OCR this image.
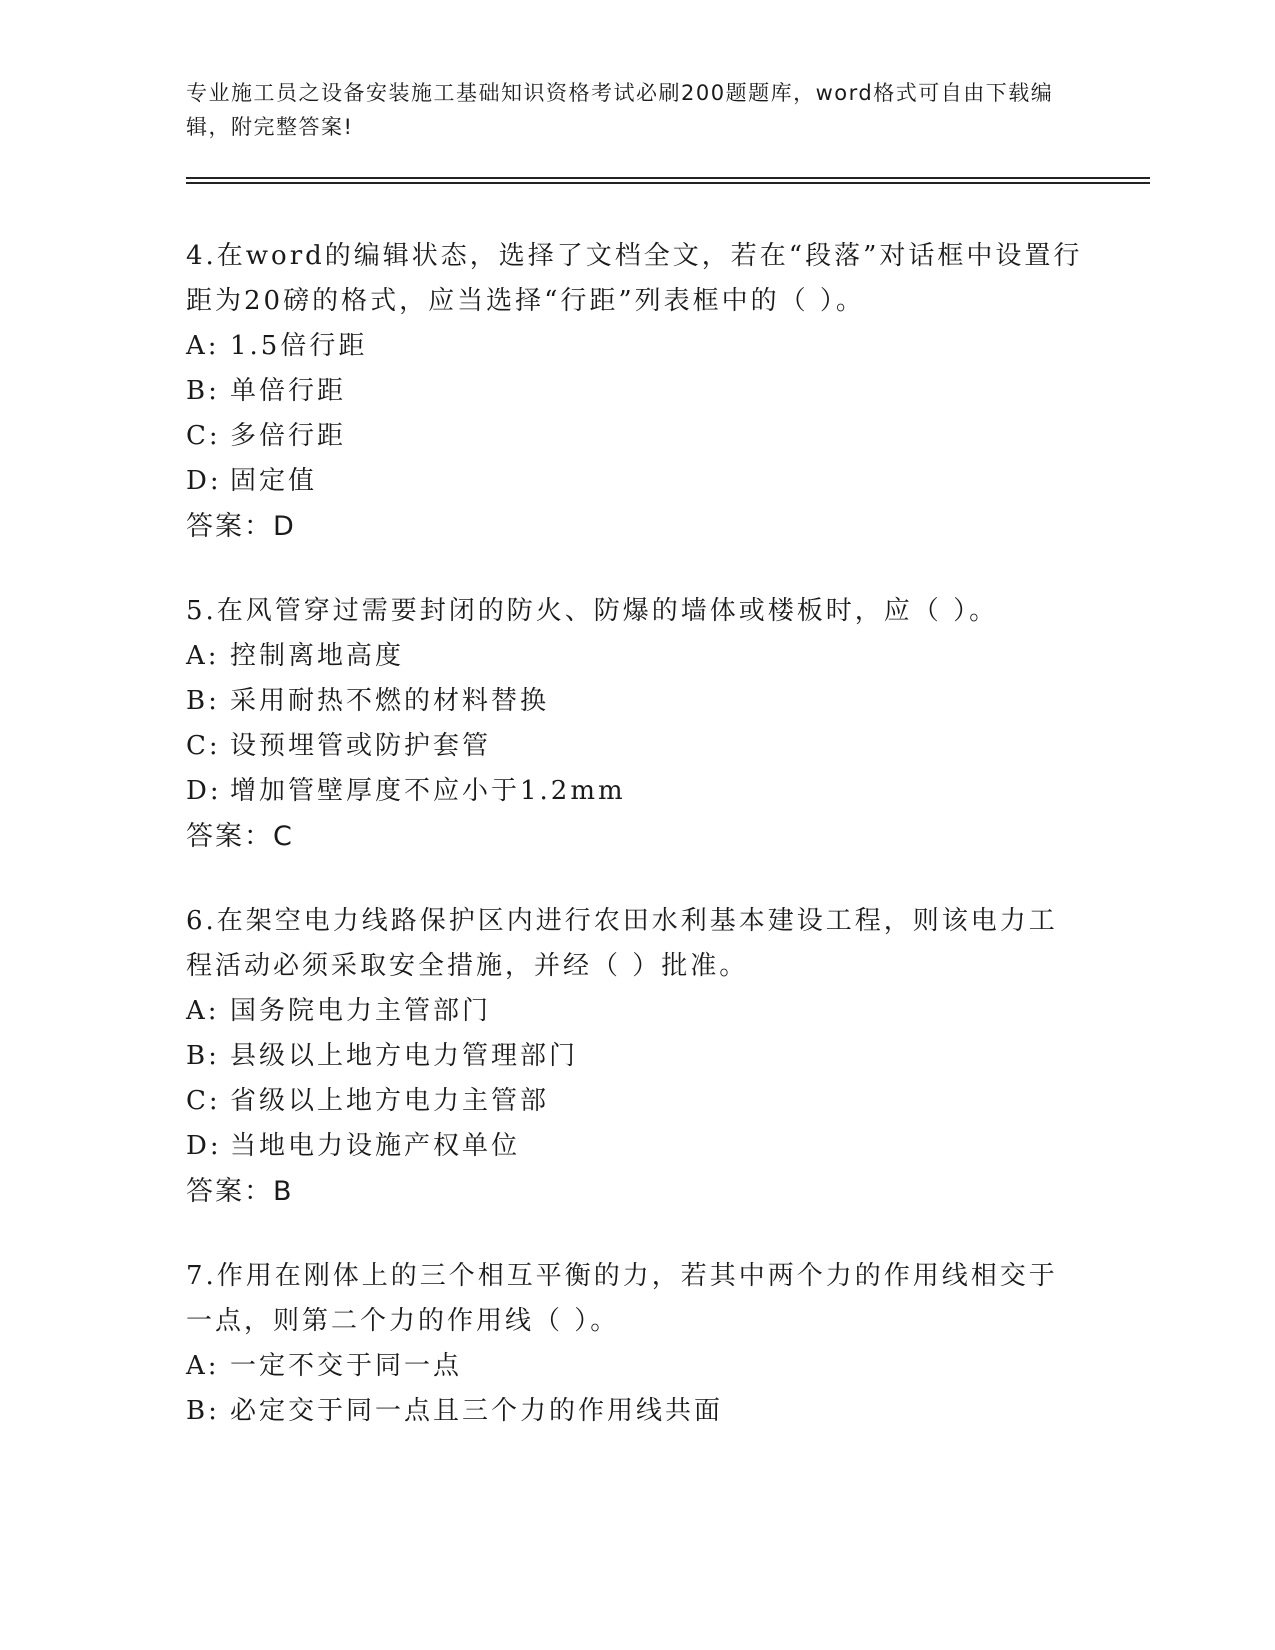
专业施工员之设备安装施工基础知识资格考试必刷200题题库，word格式可自由下载编辑，附完整答案!
4.在word的编辑状态，选择了文档全文，若在“段落”对话框中设置行距为20磅的格式，应当选择“行距”列表框中的（ ）。
A: 1.5倍行距
B: 单倍行距
C: 多倍行距
D: 固定值
答案：D
5.在风管穿过需要封闭的防火、防爆的墙体或楼板时，应（ ）。
A: 控制离地高度
B: 采用耐热不燃的材料替换
C: 设预埋管或防护套管
D: 增加管壁厚度不应小于1.2mm
答案：C
6.在架空电力线路保护区内进行农田水利基本建设工程，则该电力工程活动必须采取安全措施，并经（ ）批准。
A: 国务院电力主管部门
B: 县级以上地方电力管理部门
C: 省级以上地方电力主管部
D: 当地电力设施产权单位
答案：B
7.作用在刚体上的三个相互平衡的力，若其中两个力的作用线相交于一点，则第二个力的作用线（ ）。
A: 一定不交于同一点
B: 必定交于同一点且三个力的作用线共面
